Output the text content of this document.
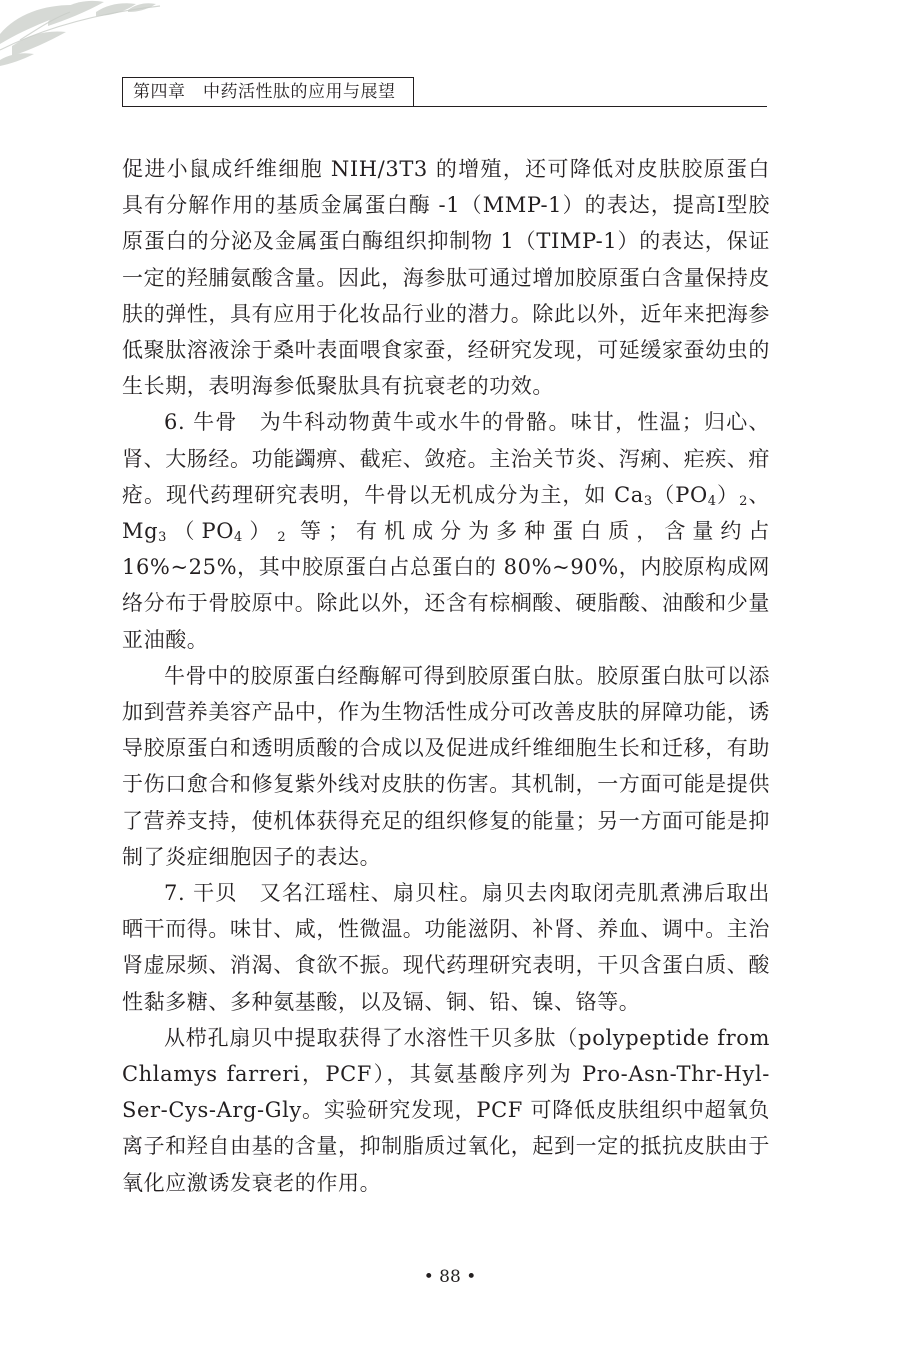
第四章　中药活性肽的应用与展望

促进小鼠成纤维细胞 NIH/3T3 的增殖，还可降低对皮肤胶原蛋白具有分解作用的基质金属蛋白酶 -1（MMP-1）的表达，提高Ⅰ型胶原蛋白的分泌及金属蛋白酶组织抑制物 1（TIMP-1）的表达，保证一定的羟脯氨酸含量。因此，海参肽可通过增加胶原蛋白含量保持皮肤的弹性，具有应用于化妆品行业的潜力。除此以外，近年来把海参低聚肽溶液涂于桑叶表面喂食家蚕，经研究发现，可延缓家蚕幼虫的生长期，表明海参低聚肽具有抗衰老的功效。

6. 牛骨　为牛科动物黄牛或水牛的骨骼。味甘，性温；归心、肾、大肠经。功能蠲痹、截疟、敛疮。主治关节炎、泻痢、疟疾、疳疮。现代药理研究表明，牛骨以无机成分为主，如 $Ca_3(PO_4)_2$、$Mg_3(PO_4)_2$ 等；有机成分为多种蛋白质，含量约占 16%~25%，其中胶原蛋白占总蛋白的 80%~90%，内胶原构成网络分布于骨胶原中。除此以外，还含有棕榈酸、硬脂酸、油酸和少量亚油酸。

牛骨中的胶原蛋白经酶解可得到胶原蛋白肽。胶原蛋白肽可以添加到营养美容产品中，作为生物活性成分可改善皮肤的屏障功能，诱导胶原蛋白和透明质酸的合成以及促进成纤维细胞生长和迁移，有助于伤口愈合和修复紫外线对皮肤的伤害。其机制，一方面可能是提供了营养支持，使机体获得充足的组织修复的能量；另一方面可能是抑制了炎症细胞因子的表达。

7. 干贝　又名江瑶柱、扇贝柱。扇贝去肉取闭壳肌煮沸后取出晒干而得。味甘、咸，性微温。功能滋阴、补肾、养血、调中。主治肾虚尿频、消渴、食欲不振。现代药理研究表明，干贝含蛋白质、酸性黏多糖、多种氨基酸，以及镉、铜、铅、镍、铬等。

从栉孔扇贝中提取获得了水溶性干贝多肽（polypeptide from Chlamys farreri，PCF），其氨基酸序列为 Pro-Asn-Thr-Hyl-Ser-Cys-Arg-Gly。实验研究发现，PCF 可降低皮肤组织中超氧负离子和羟自由基的含量，抑制脂质过氧化，起到一定的抵抗皮肤由于氧化应激诱发衰老的作用。

• 88 •
